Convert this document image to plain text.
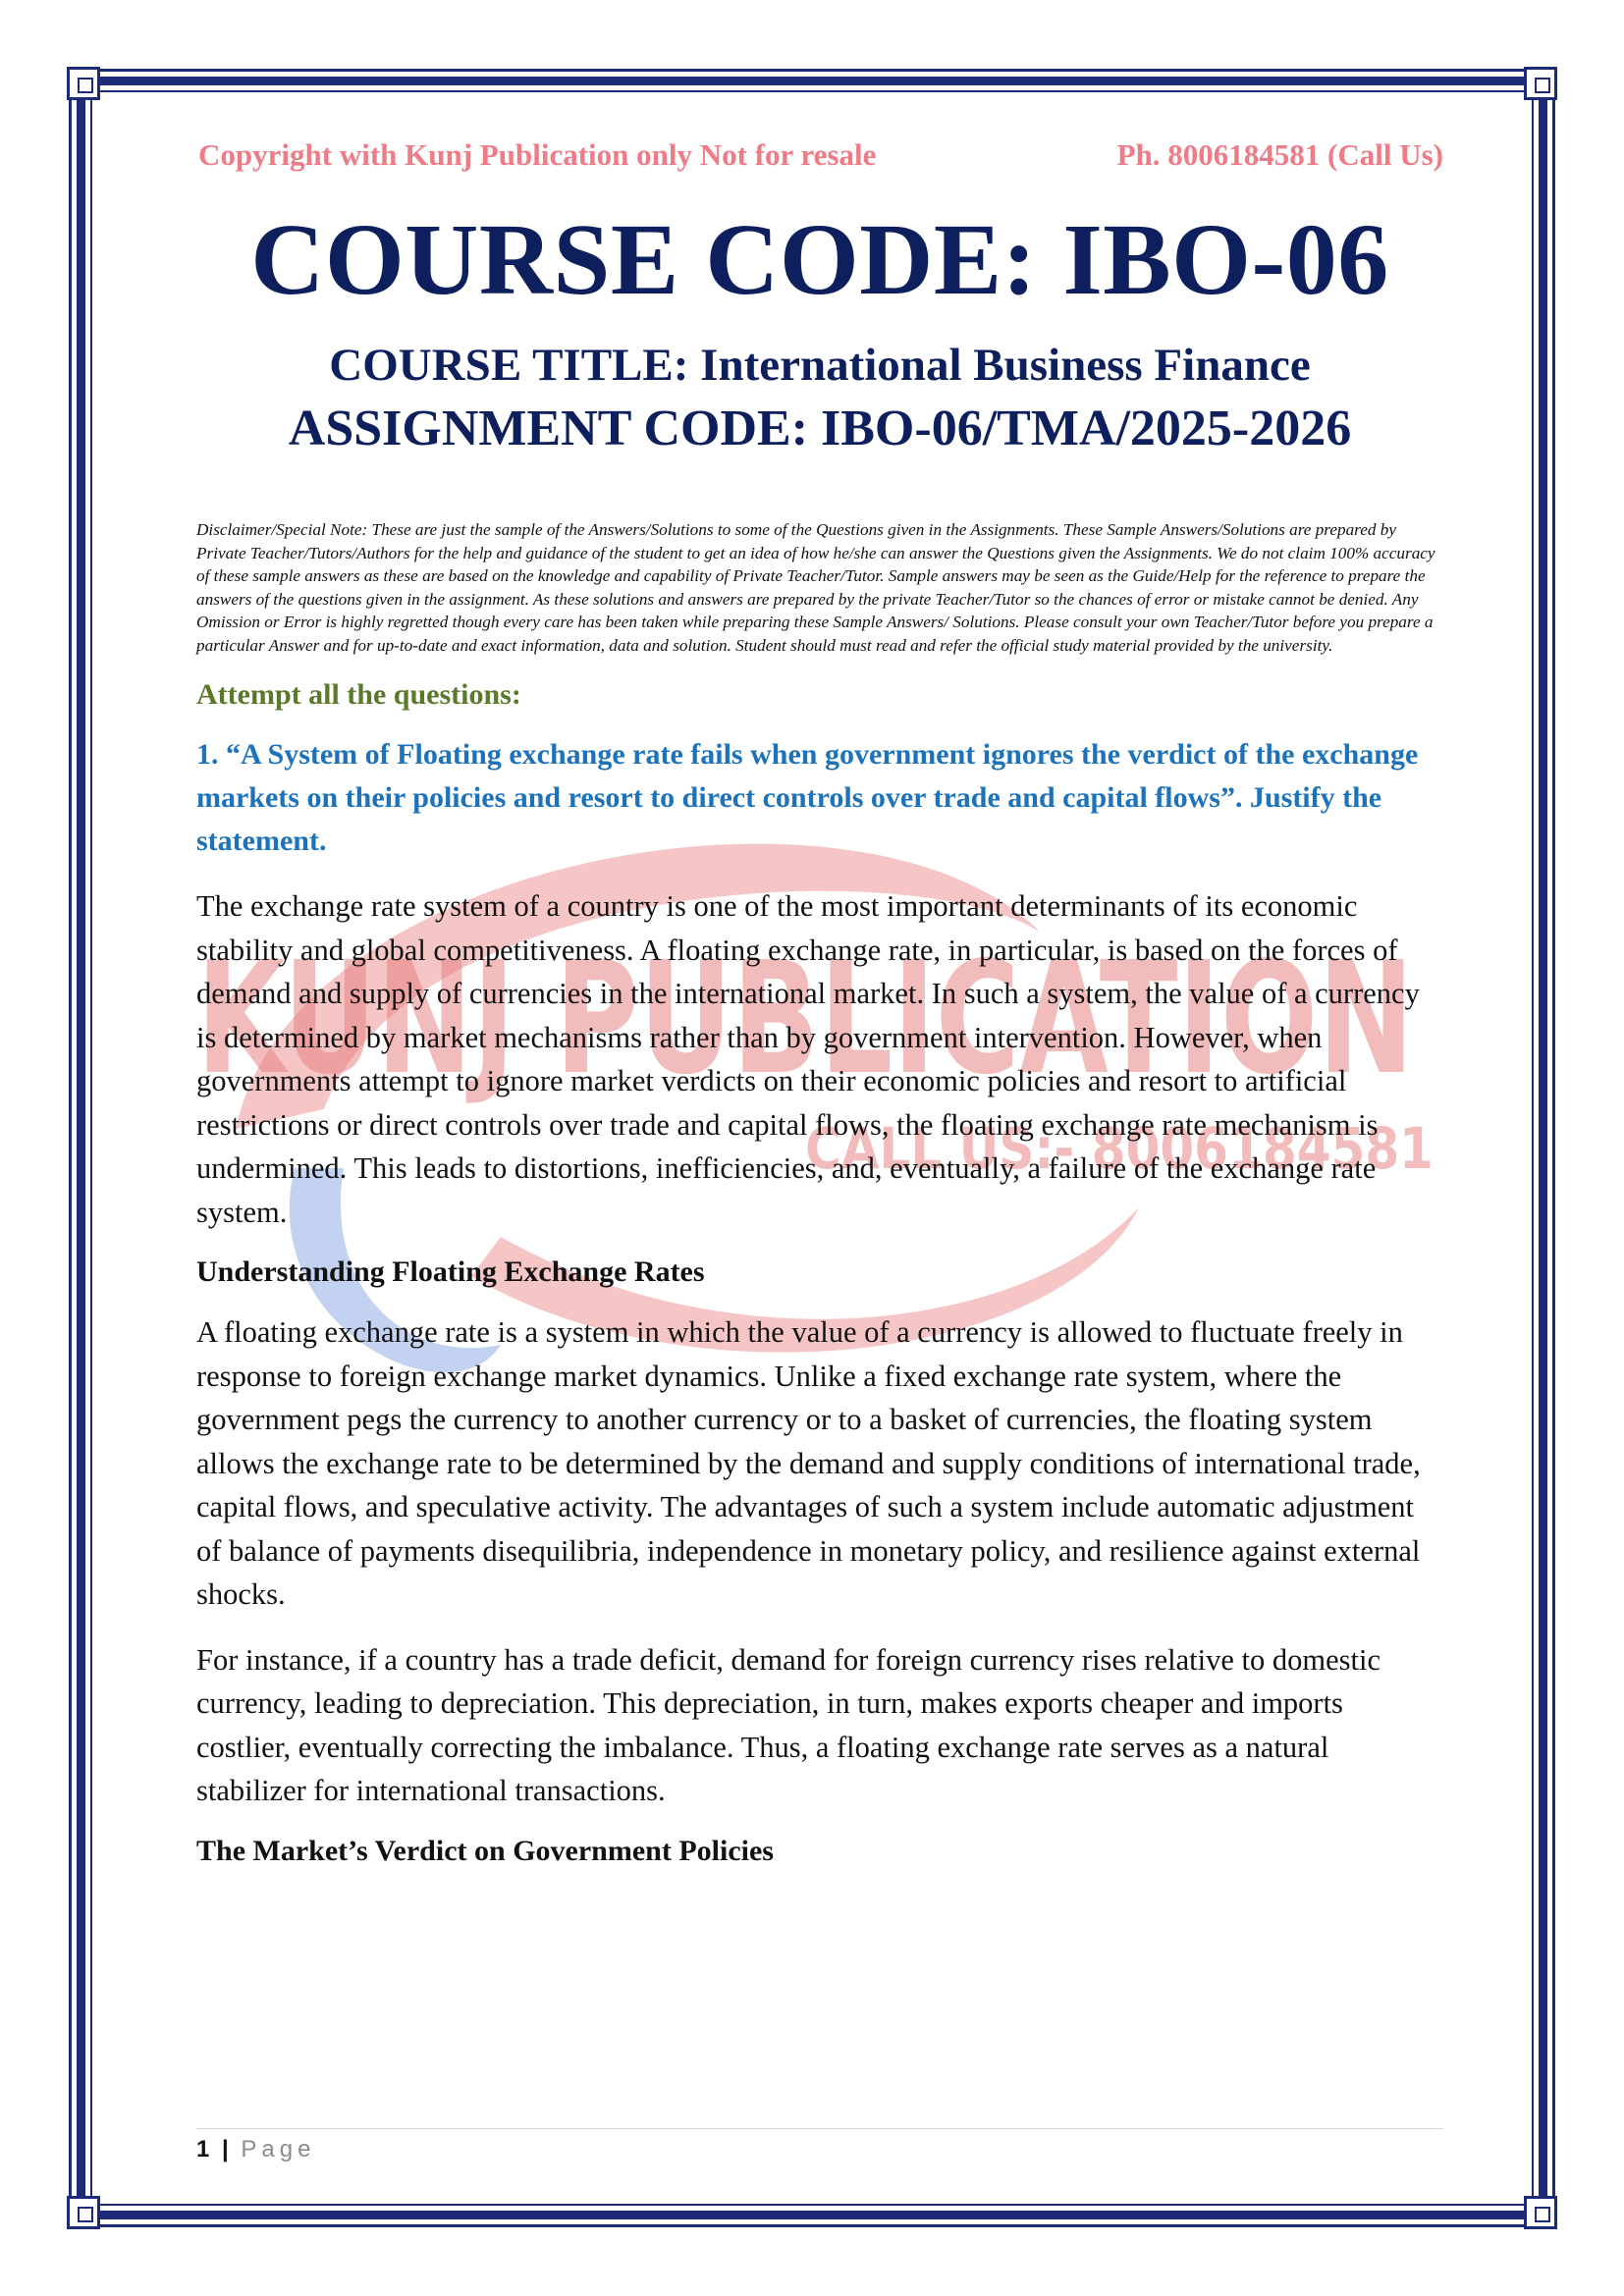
KUNJ PUBLICATION
CALL US:- 8006184581
Copyright with Kunj Publication only Not for resale	Ph. 8006184581 (Call Us)
COURSE CODE: IBO-06
COURSE TITLE: International Business Finance
ASSIGNMENT CODE: IBO-06/TMA/2025-2026
Disclaimer/Special Note: These are just the sample of the Answers/Solutions to some of the Questions given in the Assignments. These Sample Answers/Solutions are prepared by Private Teacher/Tutors/Authors for the help and guidance of the student to get an idea of how he/she can answer the Questions given the Assignments. We do not claim 100% accuracy of these sample answers as these are based on the knowledge and capability of Private Teacher/Tutor. Sample answers may be seen as the Guide/Help for the reference to prepare the answers of the questions given in the assignment. As these solutions and answers are prepared by the private Teacher/Tutor so the chances of error or mistake cannot be denied. Any Omission or Error is highly regretted though every care has been taken while preparing these Sample Answers/ Solutions. Please consult your own Teacher/Tutor before you prepare a particular Answer and for up-to-date and exact information, data and solution. Student should must read and refer the official study material provided by the university.
Attempt all the questions:
1. “A System of Floating exchange rate fails when government ignores the verdict of the exchange markets on their policies and resort to direct controls over trade and capital flows”. Justify the statement.
The exchange rate system of a country is one of the most important determinants of its economic stability and global competitiveness. A floating exchange rate, in particular, is based on the forces of demand and supply of currencies in the international market. In such a system, the value of a currency is determined by market mechanisms rather than by government intervention. However, when governments attempt to ignore market verdicts on their economic policies and resort to artificial restrictions or direct controls over trade and capital flows, the floating exchange rate mechanism is undermined. This leads to distortions, inefficiencies, and, eventually, a failure of the exchange rate system.
Understanding Floating Exchange Rates
A floating exchange rate is a system in which the value of a currency is allowed to fluctuate freely in response to foreign exchange market dynamics. Unlike a fixed exchange rate system, where the government pegs the currency to another currency or to a basket of currencies, the floating system allows the exchange rate to be determined by the demand and supply conditions of international trade, capital flows, and speculative activity. The advantages of such a system include automatic adjustment of balance of payments disequilibria, independence in monetary policy, and resilience against external shocks.
For instance, if a country has a trade deficit, demand for foreign currency rises relative to domestic currency, leading to depreciation. This depreciation, in turn, makes exports cheaper and imports costlier, eventually correcting the imbalance. Thus, a floating exchange rate serves as a natural stabilizer for international transactions.
The Market’s Verdict on Government Policies
1 | Page
